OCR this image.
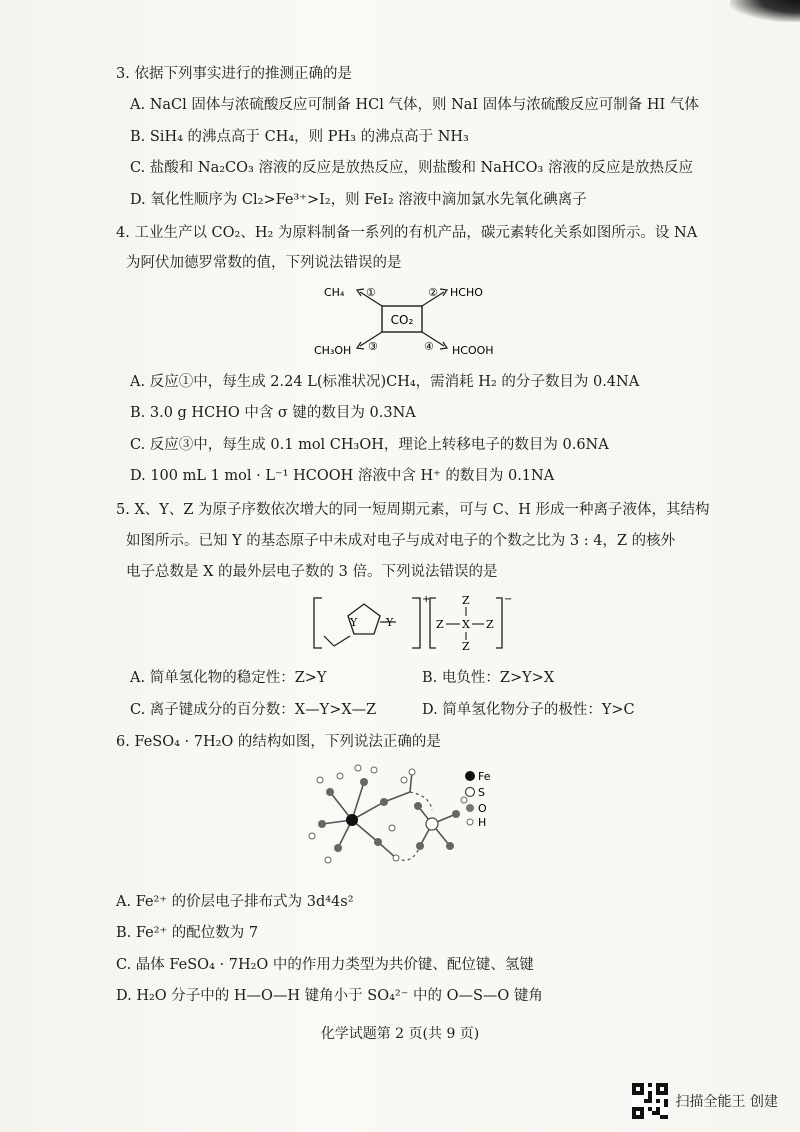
3. 依据下列事实进行的推测正确的是
A. NaCl 固体与浓硫酸反应可制备 HCl 气体，则 NaI 固体与浓硫酸反应可制备 HI 气体
B. SiH₄ 的沸点高于 CH₄，则 PH₃ 的沸点高于 NH₃
C. 盐酸和 Na₂CO₃ 溶液的反应是放热反应，则盐酸和 NaHCO₃ 溶液的反应是放热反应
D. 氧化性顺序为 Cl₂>Fe³⁺>I₂，则 FeI₂ 溶液中滴加氯水先氧化碘离子
4. 工业生产以 CO₂、H₂ 为原料制备一系列的有机产品，碳元素转化关系如图所示。设 NA
为阿伏加德罗常数的值，下列说法错误的是
CO₂
CH₄ ①	② HCHO
CH₃OH ③	④ HCOOH
A. 反应①中，每生成 2.24 L(标准状况)CH₄，需消耗 H₂ 的分子数目为 0.4NA
B. 3.0 g HCHO 中含 σ 键的数目为 0.3NA
C. 反应③中，每生成 0.1 mol CH₃OH，理论上转移电子的数目为 0.6NA
D. 100 mL 1 mol · L⁻¹ HCOOH 溶液中含 H⁺ 的数目为 0.1NA
5. X、Y、Z 为原子序数依次增大的同一短周期元素，可与 C、H 形成一种离子液体，其结构
如图所示。已知 Y 的基态原子中未成对电子与成对电子的个数之比为 3 : 4，Z 的核外
电子总数是 X 的最外层电子数的 3 倍。下列说法错误的是
Y	Y
+	Z
Z X Z
Z
−
A. 简单氢化物的稳定性：Z>Y	B. 电负性：Z>Y>X
C. 离子键成分的百分数：X—Y>X—Z	D. 简单氢化物分子的极性：Y>C
6. FeSO₄ · 7H₂O 的结构如图，下列说法正确的是
Fe
S
O
H
A. Fe²⁺ 的价层电子排布式为 3d⁴4s²
B. Fe²⁺ 的配位数为 7
C. 晶体 FeSO₄ · 7H₂O 中的作用力类型为共价键、配位键、氢键
D. H₂O 分子中的 H—O—H 键角小于 SO₄²⁻ 中的 O—S—O 键角
化学试题第 2 页(共 9 页)
扫描全能王 创建
